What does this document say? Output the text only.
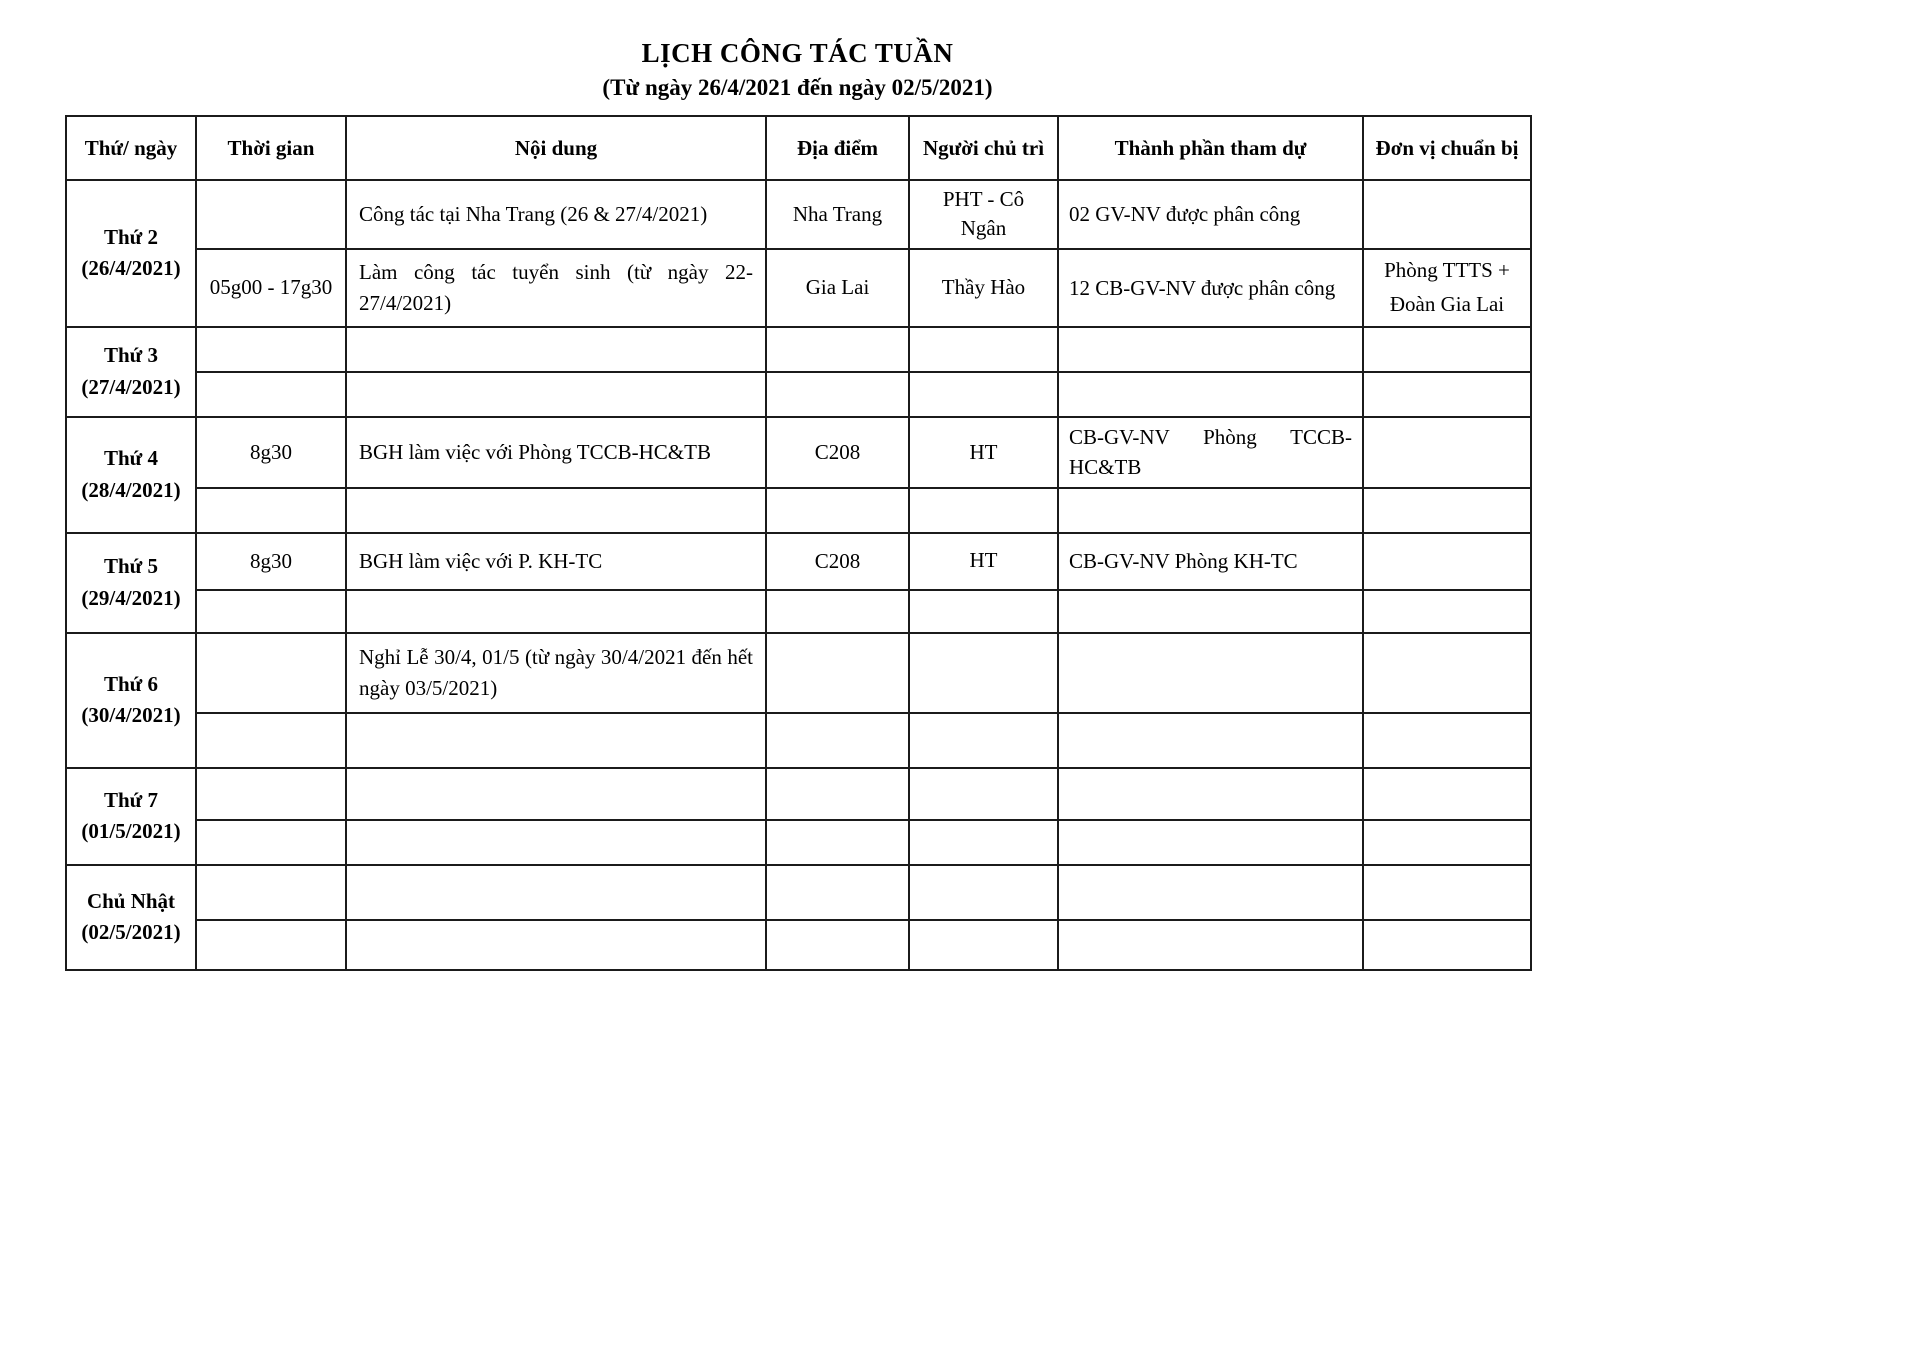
LỊCH CÔNG TÁC TUẦN
(Từ ngày 26/4/2021 đến ngày 02/5/2021)
Thứ/ ngày	Thời gian	Nội dung	Địa điểm	Người chủ trì	Thành phần tham dự	Đơn vị chuẩn bị

Thứ 2
(26/4/2021)		Công tác tại Nha Trang (26 & 27/4/2021)	Nha Trang	PHT - Cô Ngân	02 GV-NV được phân công	
	05g00 - 17g30	Làm công tác tuyển sinh (từ ngày 22-27/4/2021)	Gia Lai	Thầy Hào	12 CB-GV-NV được phân công	Phòng TTTS + Đoàn Gia Lai

Thứ 3
(27/4/2021)						

Thứ 4
(28/4/2021)	8g30	BGH làm việc với Phòng TCCB-HC&TB	C208	HT	CB-GV-NV Phòng TCCB-HC&TB	

Thứ 5
(29/4/2021)	8g30	BGH làm việc với P. KH-TC	C208	HT	CB-GV-NV Phòng KH-TC	

Thứ 6
(30/4/2021)		Nghỉ Lễ 30/4, 01/5 (từ ngày 30/4/2021 đến hết ngày 03/5/2021)				

Thứ 7
(01/5/2021)						

Chủ Nhật
(02/5/2021)						
